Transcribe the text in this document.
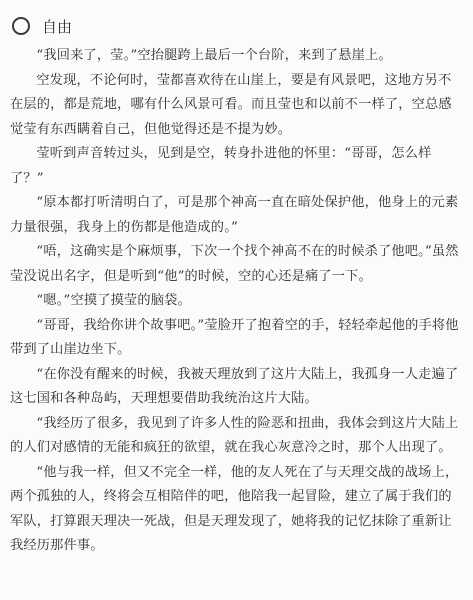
自由

“我回来了，莹。”空抬腿跨上最后一个台阶，来到了悬崖上。

空发现，不论何时，莹都喜欢待在山崖上，要是有风景吧，这地方另不在层的，都是荒地，哪有什么风景可看。而且莹也和以前不一样了，空总感觉莹有东西瞒着自己，但他觉得还是不提为妙。

莹听到声音转过头，见到是空，转身扑进他的怀里：“哥哥，怎么样了？”

“原本都打听清明白了，可是那个神高一直在暗处保护他，他身上的元素力量很强，我身上的伤都是他造成的。”

“唔，这确实是个麻烦事，下次一个找个神高不在的时候杀了他吧。”虽然莹没说出名字，但是听到“他”的时候，空的心还是痛了一下。

“嗯。”空摸了摸莹的脑袋。

“哥哥，我给你讲个故事吧。”莹脸开了抱着空的手，轻轻牵起他的手将他带到了山崖边坐下。

“在你没有醒来的时候，我被天理放到了这片大陆上，我孤身一人走遍了这七国和各种岛屿，天理想要借助我统治这片大陆。

“我经历了很多，我见到了许多人性的险恶和扭曲，我体会到这片大陆上的人们对感情的无能和疯狂的欲望，就在我心灰意冷之时，那个人出现了。

“他与我一样，但又不完全一样，他的友人死在了与天理交战的战场上，两个孤独的人，终将会互相陪伴的吧，他陪我一起冒险，建立了属于我们的军队，打算跟天理决一死战，但是天理发现了，她将我的记忆抹除了重新让我经历那件事。
